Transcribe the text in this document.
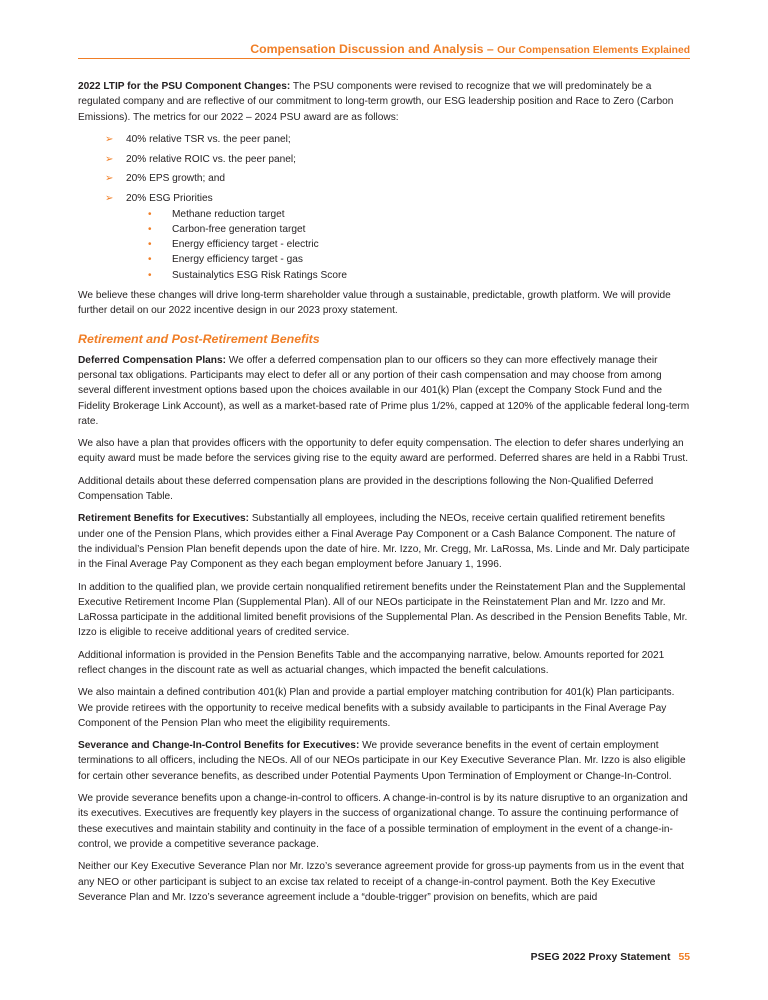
Compensation Discussion and Analysis – Our Compensation Elements Explained

2022 LTIP for the PSU Component Changes: The PSU components were revised to recognize that we will predominately be a regulated company and are reflective of our commitment to long-term growth, our ESG leadership position and Race to Zero (Carbon Emissions). The metrics for our 2022 – 2024 PSU award are as follows:

➢ 40% relative TSR vs. the peer panel;
➢ 20% relative ROIC vs. the peer panel;
➢ 20% EPS growth; and
➢ 20% ESG Priorities
• Methane reduction target
• Carbon-free generation target
• Energy efficiency target - electric
• Energy efficiency target - gas
• Sustainalytics ESG Risk Ratings Score

We believe these changes will drive long-term shareholder value through a sustainable, predictable, growth platform. We will provide further detail on our 2022 incentive design in our 2023 proxy statement.

Retirement and Post-Retirement Benefits

Deferred Compensation Plans: We offer a deferred compensation plan to our officers so they can more effectively manage their personal tax obligations. Participants may elect to defer all or any portion of their cash compensation and may choose from among several different investment options based upon the choices available in our 401(k) Plan (except the Company Stock Fund and the Fidelity Brokerage Link Account), as well as a market-based rate of Prime plus 1/2%, capped at 120% of the applicable federal long-term rate.

We also have a plan that provides officers with the opportunity to defer equity compensation. The election to defer shares underlying an equity award must be made before the services giving rise to the equity award are performed. Deferred shares are held in a Rabbi Trust.

Additional details about these deferred compensation plans are provided in the descriptions following the Non-Qualified Deferred Compensation Table.

Retirement Benefits for Executives: Substantially all employees, including the NEOs, receive certain qualified retirement benefits under one of the Pension Plans, which provides either a Final Average Pay Component or a Cash Balance Component. The nature of the individual’s Pension Plan benefit depends upon the date of hire. Mr. Izzo, Mr. Cregg, Mr. LaRossa, Ms. Linde and Mr. Daly participate in the Final Average Pay Component as they each began employment before January 1, 1996.

In addition to the qualified plan, we provide certain nonqualified retirement benefits under the Reinstatement Plan and the Supplemental Executive Retirement Income Plan (Supplemental Plan). All of our NEOs participate in the Reinstatement Plan and Mr. Izzo and Mr. LaRossa participate in the additional limited benefit provisions of the Supplemental Plan. As described in the Pension Benefits Table, Mr. Izzo is eligible to receive additional years of credited service.

Additional information is provided in the Pension Benefits Table and the accompanying narrative, below. Amounts reported for 2021 reflect changes in the discount rate as well as actuarial changes, which impacted the benefit calculations.

We also maintain a defined contribution 401(k) Plan and provide a partial employer matching contribution for 401(k) Plan participants. We provide retirees with the opportunity to receive medical benefits with a subsidy available to participants in the Final Average Pay Component of the Pension Plan who meet the eligibility requirements.

Severance and Change-In-Control Benefits for Executives: We provide severance benefits in the event of certain employment terminations to all officers, including the NEOs. All of our NEOs participate in our Key Executive Severance Plan. Mr. Izzo is also eligible for certain other severance benefits, as described under Potential Payments Upon Termination of Employment or Change-In-Control.

We provide severance benefits upon a change-in-control to officers. A change-in-control is by its nature disruptive to an organization and its executives. Executives are frequently key players in the success of organizational change. To assure the continuing performance of these executives and maintain stability and continuity in the face of a possible termination of employment in the event of a change-in-control, we provide a competitive severance package.

Neither our Key Executive Severance Plan nor Mr. Izzo’s severance agreement provide for gross-up payments from us in the event that any NEO or other participant is subject to an excise tax related to receipt of a change-in-control payment. Both the Key Executive Severance Plan and Mr. Izzo’s severance agreement include a “double-trigger” provision on benefits, which are paid

PSEG 2022 Proxy Statement 55
